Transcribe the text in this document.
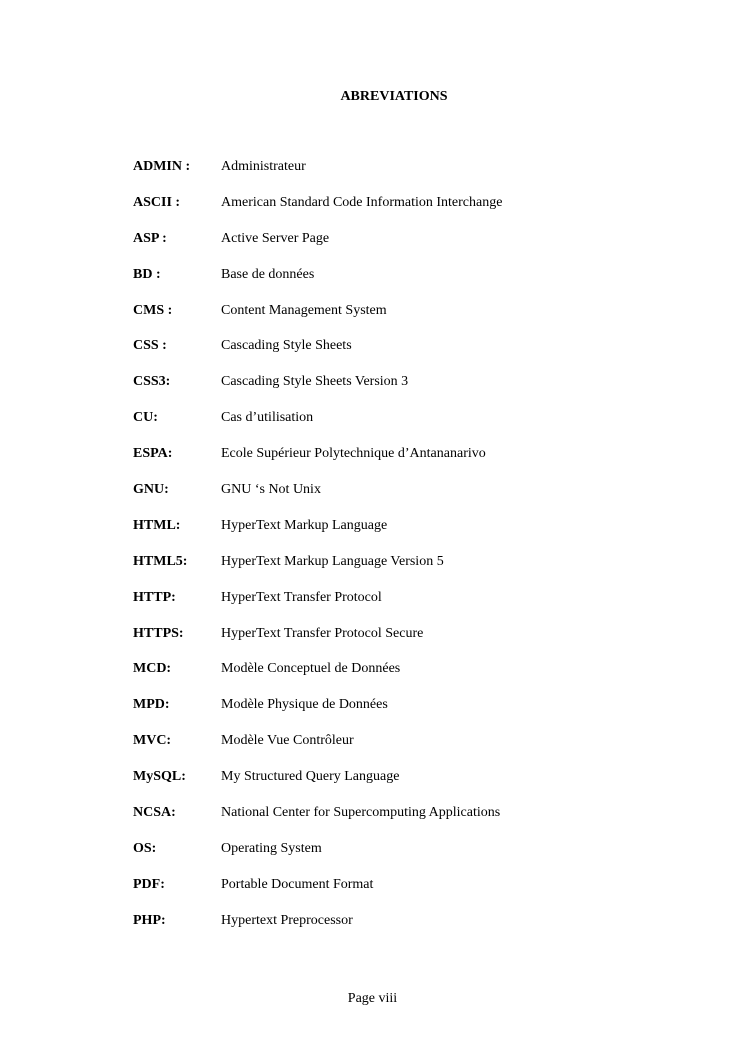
ABREVIATIONS
ADMIN :	Administrateur
ASCII :	American Standard Code Information Interchange
ASP :	Active Server Page
BD :	Base de données
CMS :	Content Management System
CSS :	Cascading Style Sheets
CSS3:	Cascading Style Sheets Version 3
CU:	Cas d’utilisation
ESPA:	Ecole Supérieur Polytechnique d’Antananarivo
GNU:	GNU ‘s Not Unix
HTML:	HyperText Markup Language
HTML5:	HyperText Markup Language Version 5
HTTP:	HyperText Transfer Protocol
HTTPS:	HyperText Transfer Protocol Secure
MCD:	Modèle Conceptuel de Données
MPD:	Modèle Physique de Données
MVC:	Modèle Vue Contrôleur
MySQL:	My Structured Query Language
NCSA:	National Center for Supercomputing Applications
OS:	Operating System
PDF:	Portable Document Format
PHP:	Hypertext Preprocessor
Page viii
